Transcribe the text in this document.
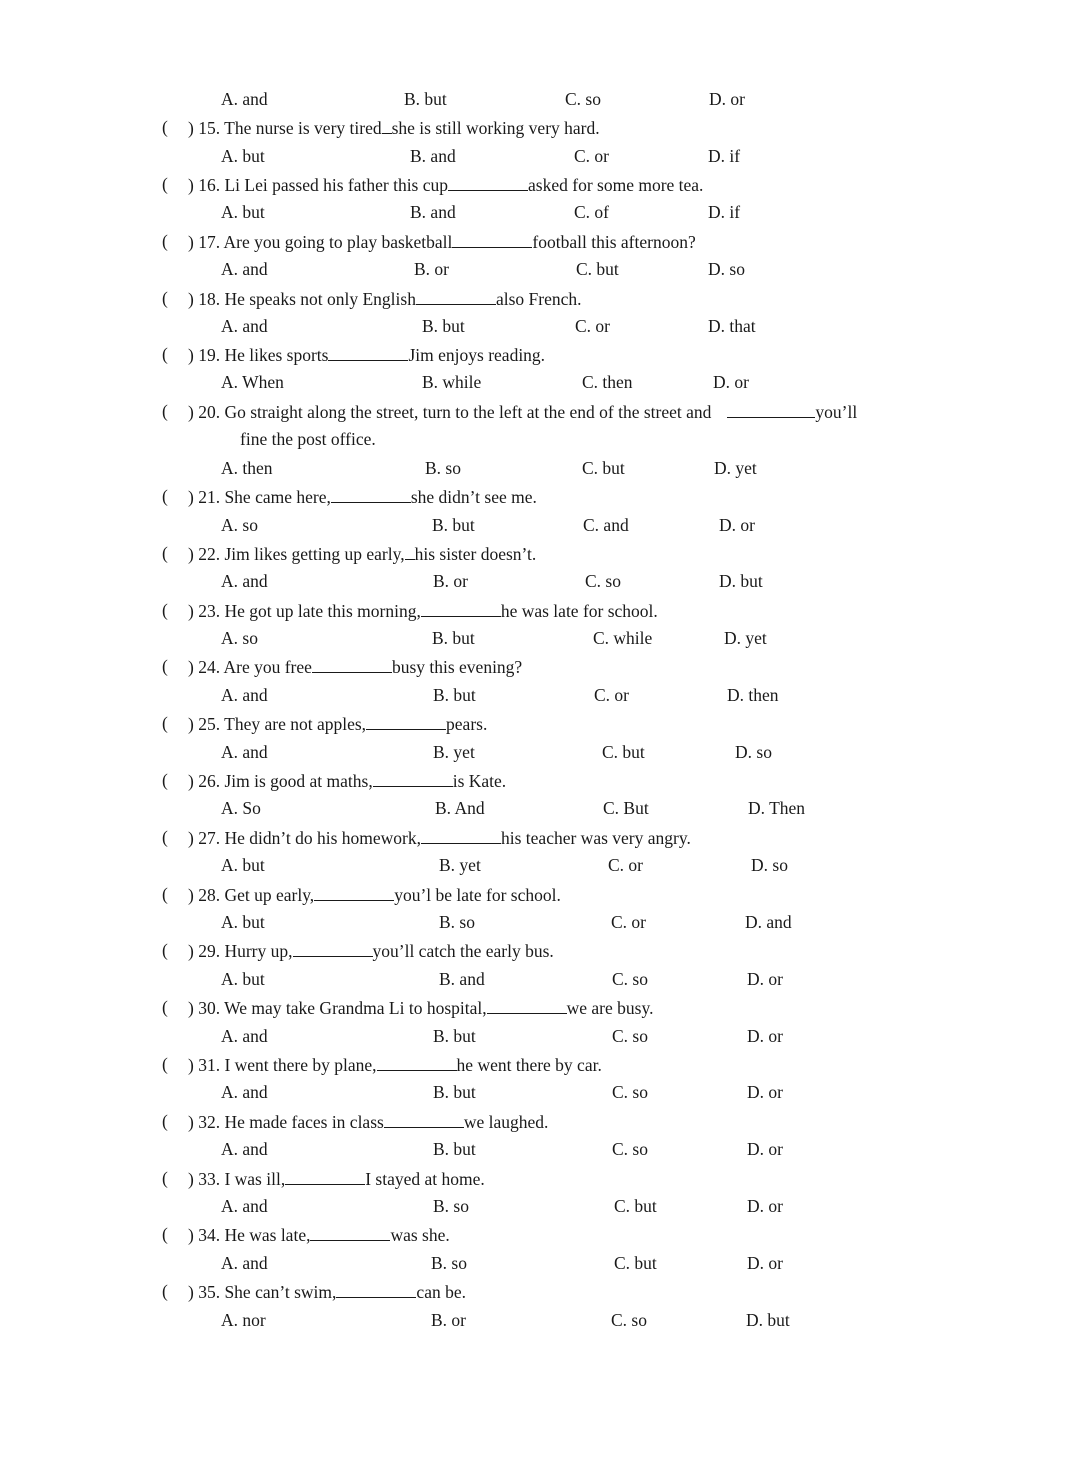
A. and	B. but	C. so	D. or
( ) 15. The nurse is very tired she is still working very hard.
A. but	B. and	C. or	D. if
( ) 16. Li Lei passed his father this cup	asked for some more tea.
A. but	B. and	C. of	D. if
( ) 17. Are you going to play basketball	football this afternoon?
A. and	B. or	C. but	D. so
( ) 18. He speaks not only English	also French.
A. and	B. but	C. or	D. that
( ) 19. He likes sports	Jim enjoys reading.
A. When	B. while	C. then	D. or
( ) 20. Go straight along the street, turn to the left at the end of the street and	you’ll
fine the post office.
A. then	B. so	C. but	D. yet
( ) 21. She came here,	she didn’t see me.
A. so	B. but	C. and	D. or
( ) 22. Jim likes getting up early, his sister doesn’t.
A. and	B. or	C. so	D. but
( ) 23. He got up late this morning,	he was late for school.
A. so	B. but	C. while	D. yet
( ) 24. Are you free	busy this evening?
A. and	B. but	C. or	D. then
( ) 25. They are not apples,	pears.
A. and	B. yet	C. but	D. so
( ) 26. Jim is good at maths,	is Kate.
A. So	B. And	C. But	D. Then
( ) 27. He didn’t do his homework,	his teacher was very angry.
A. but	B. yet	C. or	D. so
( ) 28. Get up early,	you’l be late for school.
A. but	B. so	C. or	D. and
( ) 29. Hurry up,	you’ll catch the early bus.
A. but	B. and	C. so	D. or
( ) 30. We may take Grandma Li to hospital,	we are busy.
A. and	B. but	C. so	D. or
( ) 31. I went there by plane,	he went there by car.
A. and	B. but	C. so	D. or
( ) 32. He made faces in class	we laughed.
A. and	B. but	C. so	D. or
( ) 33. I was ill,	I stayed at home.
A. and	B. so	C. but	D. or
( ) 34. He was late,	was she.
A. and	B. so	C. but	D. or
( ) 35. She can’t swim,	can be.
A. nor	B. or	C. so	D. but
